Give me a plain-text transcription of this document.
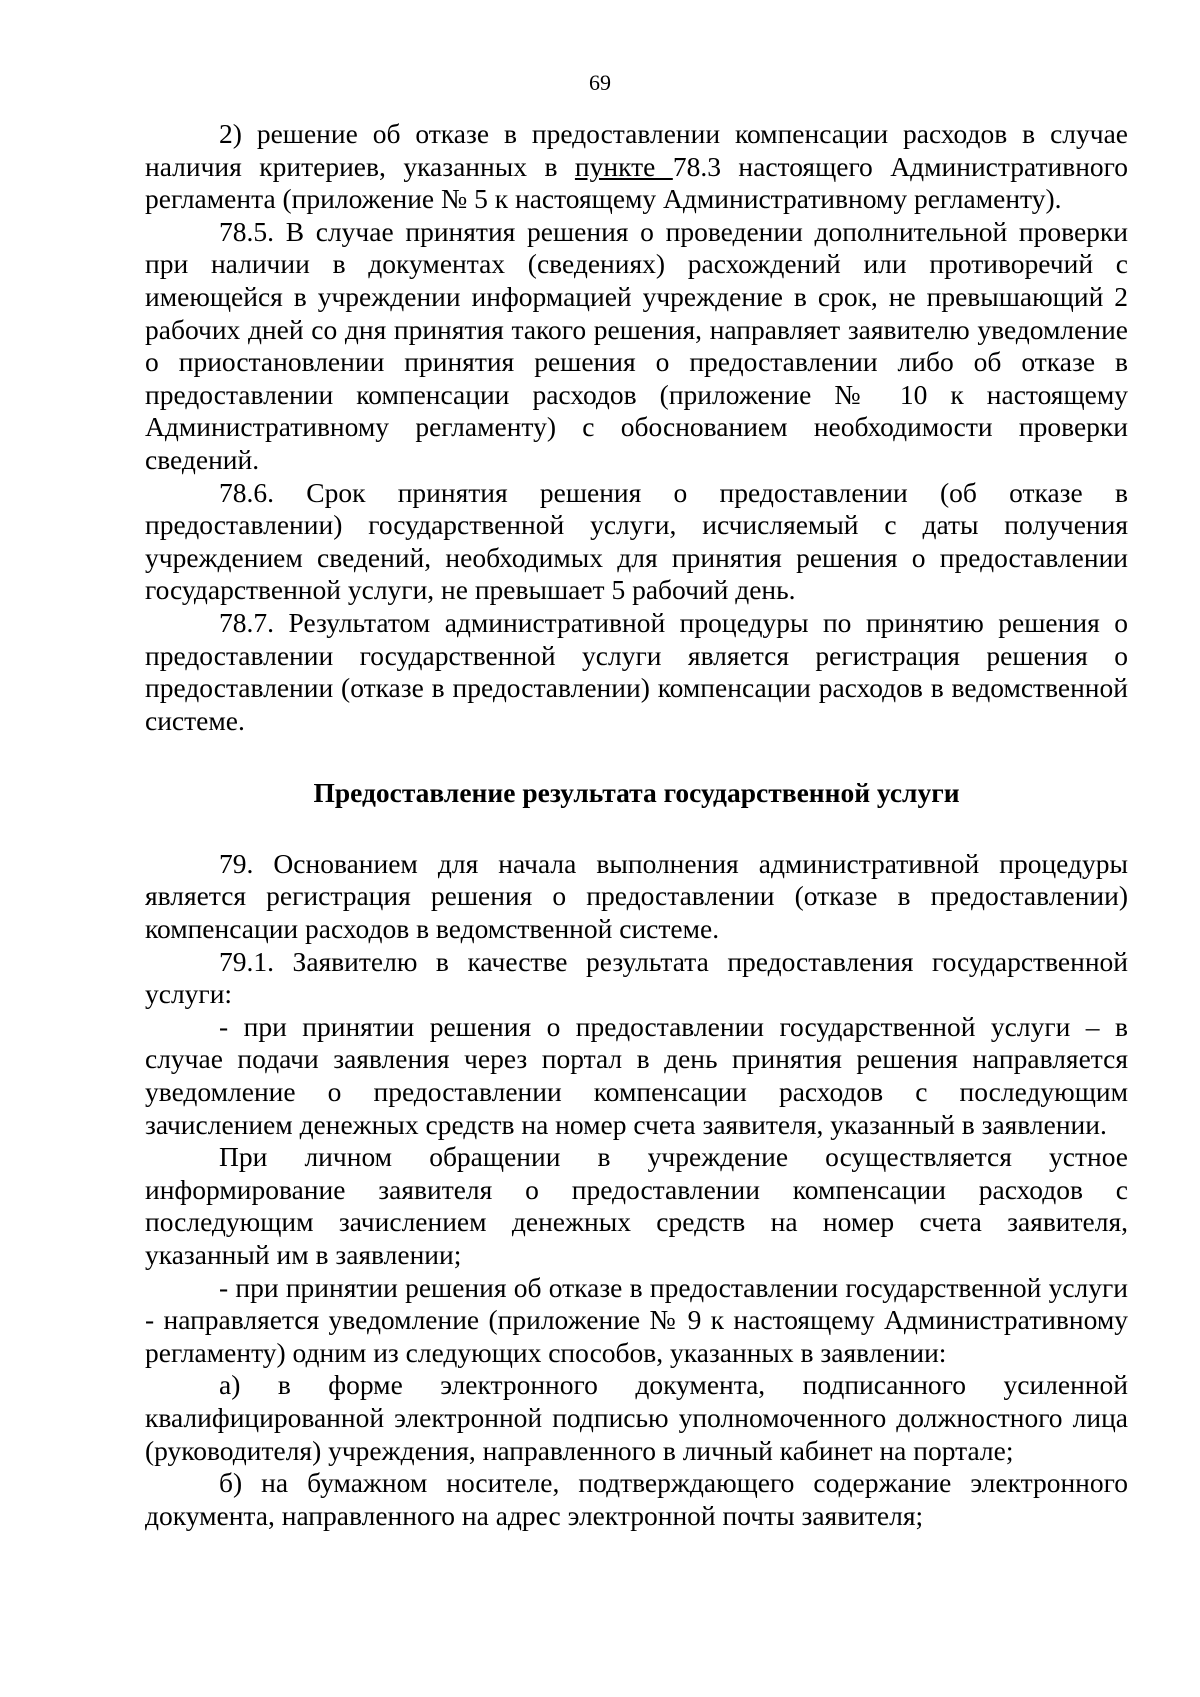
69

2) решение об отказе в предоставлении компенсации расходов в случае наличия критериев, указанных в пункте 78.3 настоящего Административного регламента (приложение № 5 к настоящему Административному регламенту).

78.5. В случае принятия решения о проведении дополнительной проверки при наличии в документах (сведениях) расхождений или противоречий с имеющейся в учреждении информацией учреждение в срок, не превышающий 2 рабочих дней со дня принятия такого решения, направляет заявителю уведомление о приостановлении принятия решения о предоставлении либо об отказе в предоставлении компенсации расходов (приложение № 10 к настоящему Административному регламенту) с обоснованием необходимости проверки сведений.

78.6. Срок принятия решения о предоставлении (об отказе в предоставлении) государственной услуги, исчисляемый с даты получения учреждением сведений, необходимых для принятия решения о предоставлении государственной услуги, не превышает 5 рабочий день.

78.7. Результатом административной процедуры по принятию решения о предоставлении государственной услуги является регистрация решения о предоставлении (отказе в предоставлении) компенсации расходов в ведомственной системе.

Предоставление результата государственной услуги

79. Основанием для начала выполнения административной процедуры является регистрация решения о предоставлении (отказе в предоставлении) компенсации расходов в ведомственной системе.

79.1. Заявителю в качестве результата предоставления государственной услуги:

- при принятии решения о предоставлении государственной услуги – в случае подачи заявления через портал в день принятия решения направляется уведомление о предоставлении компенсации расходов с последующим зачислением денежных средств на номер счета заявителя, указанный в заявлении.

При личном обращении в учреждение осуществляется устное информирование заявителя о предоставлении компенсации расходов с последующим зачислением денежных средств на номер счета заявителя, указанный им в заявлении;

- при принятии решения об отказе в предоставлении государственной услуги - направляется уведомление (приложение № 9 к настоящему Административному регламенту) одним из следующих способов, указанных в заявлении:

а) в форме электронного документа, подписанного усиленной квалифицированной электронной подписью уполномоченного должностного лица (руководителя) учреждения, направленного в личный кабинет на портале;

б) на бумажном носителе, подтверждающего содержание электронного документа, направленного на адрес электронной почты заявителя;
